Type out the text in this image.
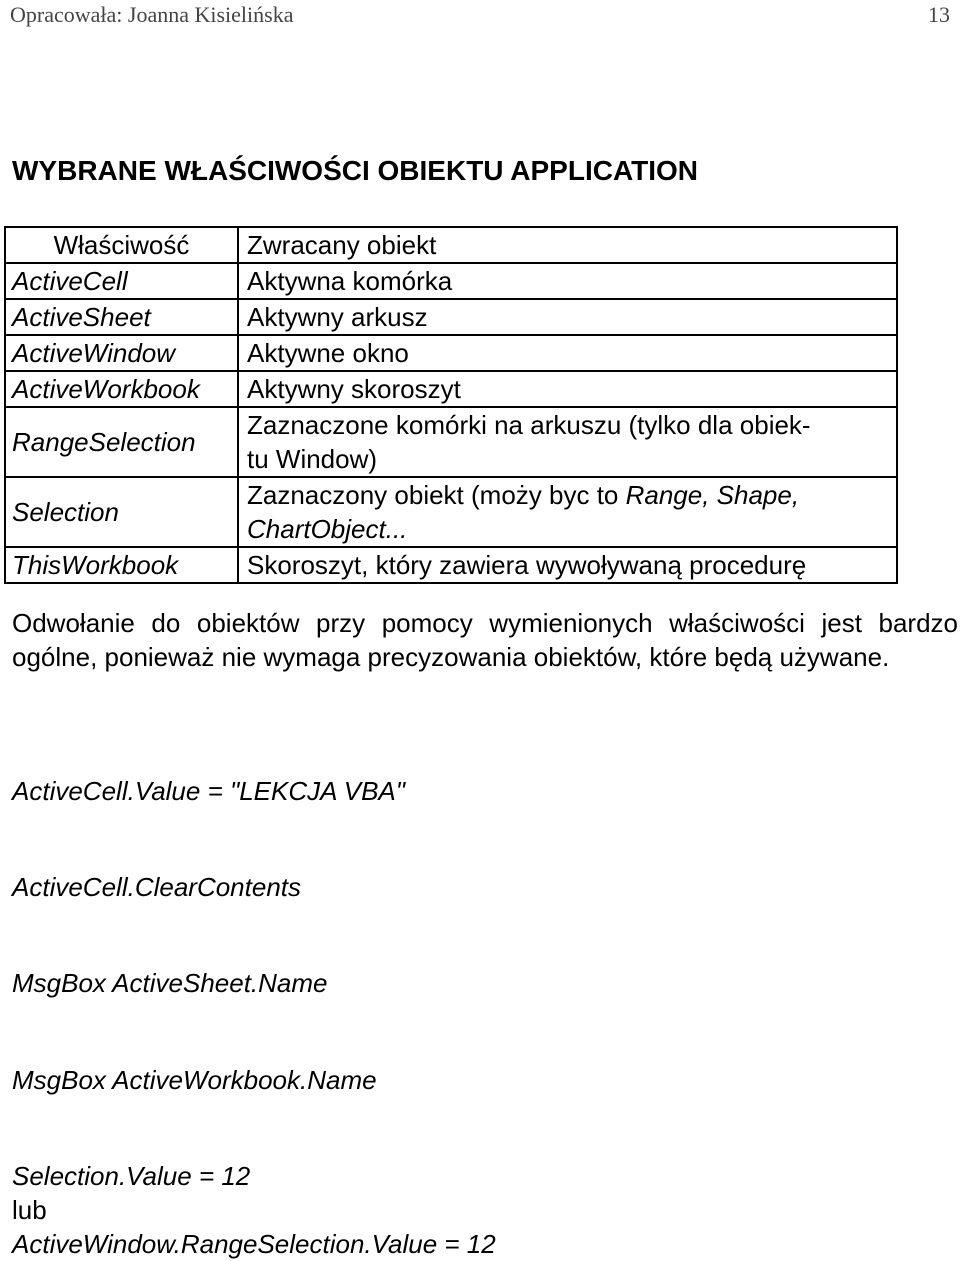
Opracowała: Joanna Kisielińska	13
WYBRANE WŁAŚCIWOŚCI OBIEKTU APPLICATION
Właściwość	Zwracany obiekt
ActiveCell	Aktywna komórka
ActiveSheet	Aktywny arkusz
ActiveWindow	Aktywne okno
ActiveWorkbook	Aktywny skoroszyt
RangeSelection	Zaznaczone komórki na arkuszu (tylko dla obiek-
tu Window)

Selection	Zaznaczony obiekt (moży byc to Range, Shape,
ChartObject...

ThisWorkbook	Skoroszyt, który zawiera wywoływaną procedurę
Odwołanie do obiektów przy pomocy wymienionych właściwości jest bardzo ogólne, ponieważ nie wymaga precyzowania obiektów, które będą używane.
ActiveCell.Value = "LEKCJA VBA"
ActiveCell.ClearContents
MsgBox ActiveSheet.Name
MsgBox ActiveWorkbook.Name
Selection.Value = 12
lub
ActiveWindow.RangeSelection.Value = 12
